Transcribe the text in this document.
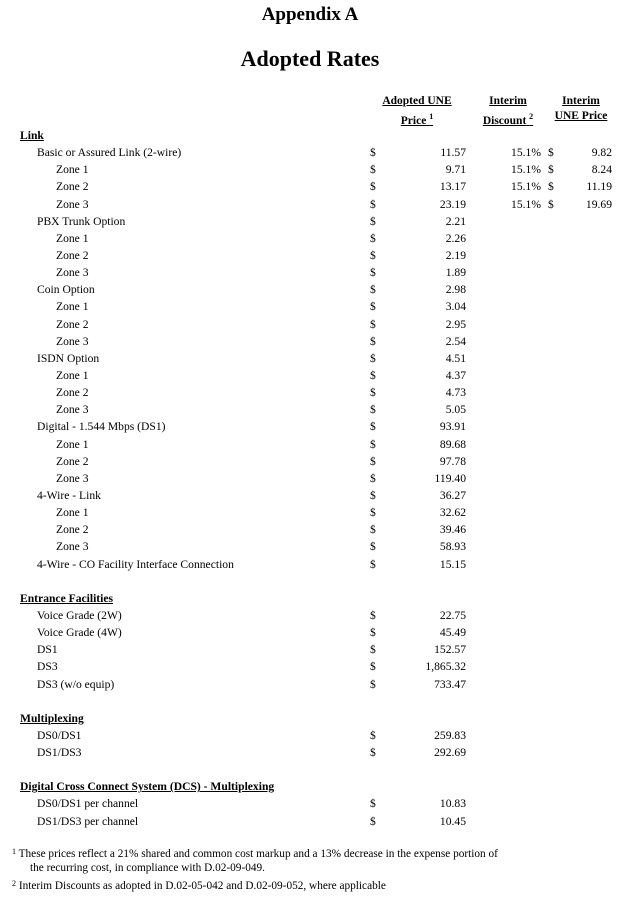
Appendix A
Adopted Rates
Adopted UNE
Price $^1$
Interim
Discount $^2$
Interim
UNE Price
Link
Basic or Assured Link (2-wire)	$	11.57	15.1% $	9.82
Zone 1	$	9.71	15.1% $	8.24
Zone 2	$	13.17	15.1% $	11.19
Zone 3	$	23.19	15.1% $	19.69
PBX Trunk Option	$	2.21
Zone 1	$	2.26
Zone 2	$	2.19
Zone 3	$	1.89
Coin Option	$	2.98
Zone 1	$	3.04
Zone 2	$	2.95
Zone 3	$	2.54
ISDN Option	$	4.51
Zone 1	$	4.37
Zone 2	$	4.73
Zone 3	$	5.05
Digital - 1.544 Mbps (DS1)	$	93.91
Zone 1	$	89.68
Zone 2	$	97.78
Zone 3	$	119.40
4-Wire - Link	$	36.27
Zone 1	$	32.62
Zone 2	$	39.46
Zone 3	$	58.93
4-Wire - CO Facility Interface Connection	$	15.15
Entrance Facilities
Voice Grade (2W)	$	22.75
Voice Grade (4W)	$	45.49
DS1	$	152.57
DS3	$	1,865.32
DS3 (w/o equip)	$	733.47
Multiplexing
DS0/DS1	$	259.83
DS1/DS3	$	292.69
Digital Cross Connect System (DCS) - Multiplexing
DS0/DS1 per channel	$	10.83
DS1/DS3 per channel	$	10.45
$^1$ These prices reflect a 21% shared and common cost markup and a 13% decrease in the expense portion of
the recurring cost, in compliance with D.02-09-049.
$^2$ Interim Discounts as adopted in D.02-05-042 and D.02-09-052, where applicable
